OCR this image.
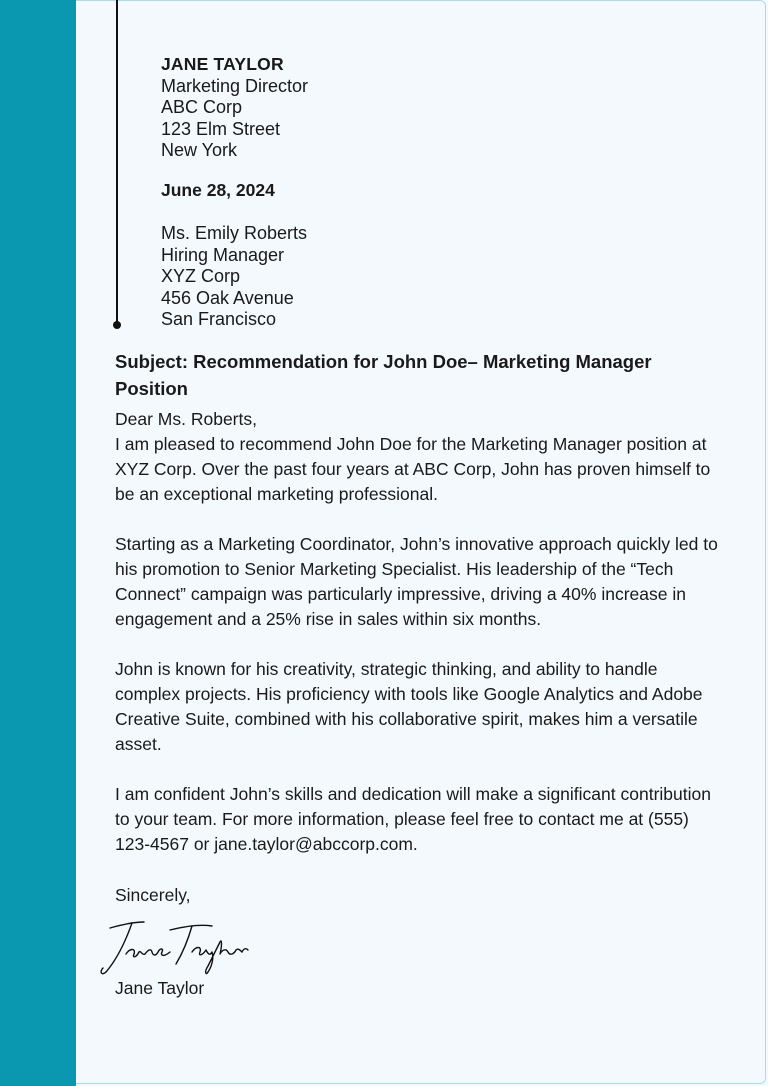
JANE TAYLOR
Marketing Director
ABC Corp
123 Elm Street
New York
June 28, 2024
Ms. Emily Roberts
Hiring Manager
XYZ Corp
456 Oak Avenue
San Francisco
Subject: Recommendation for John Doe– Marketing Manager Position

Dear Ms. Roberts,

I am pleased to recommend John Doe for the Marketing Manager position at XYZ Corp. Over the past four years at ABC Corp, John has proven himself to be an exceptional marketing professional.

Starting as a Marketing Coordinator, John’s innovative approach quickly led to his promotion to Senior Marketing Specialist. His leadership of the “Tech Connect” campaign was particularly impressive, driving a 40% increase in engagement and a 25% rise in sales within six months.

John is known for his creativity, strategic thinking, and ability to handle complex projects. His proficiency with tools like Google Analytics and Adobe Creative Suite, combined with his collaborative spirit, makes him a versatile asset.

I am confident John’s skills and dedication will make a significant contribution to your team. For more information, please feel free to contact me at (555) 123-4567 or jane.taylor@abccorp.com.

Sincerely,
Jane Taylor
